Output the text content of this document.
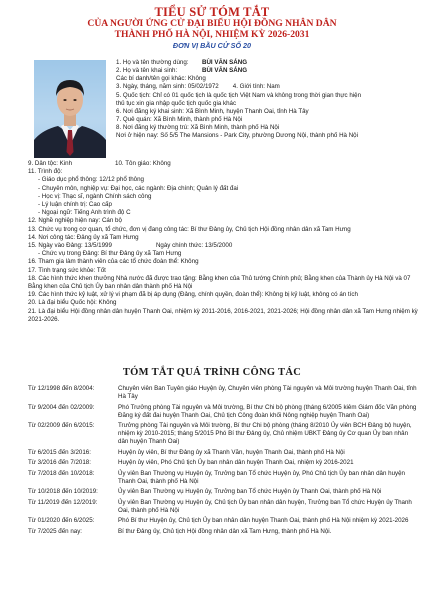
TIỂU SỬ TÓM TẮT
CỦA NGƯỜI ỨNG CỬ ĐẠI BIỂU HỘI ĐỒNG NHÂN DÂN
THÀNH PHỐ HÀ NỘI, NHIỆM KỲ 2026-2031
ĐƠN VỊ BẦU CỬ SỐ 20
1. Họ và tên thường dùng: BÙI VĂN SÁNG
2. Họ và tên khai sinh:	BÙI VĂN SÁNG
Các bí danh/tên gọi khác: Không
3. Ngày, tháng, năm sinh: 05/02/1972 4. Giới tính: Nam
5. Quốc tịch: Chỉ có 01 quốc tịch là quốc tịch Việt Nam và không trong thời gian thực hiện
thủ tục xin gia nhập quốc tịch quốc gia khác
6. Nơi đăng ký khai sinh: Xã Bình Minh, huyện Thanh Oai, tỉnh Hà Tây
7. Quê quán: Xã Bình Minh, thành phố Hà Nội
8. Nơi đăng ký thường trú: Xã Bình Minh, thành phố Hà Nội
Nơi ở hiện nay: Số 5/5 The Mansions - Park City, phường Dương Nội, thành phố Hà Nội
9. Dân tộc: Kinh	10. Tôn giáo: Không
11. Trình độ:
- Giáo dục phổ thông: 12/12 phổ thông
- Chuyên môn, nghiệp vụ: Đại học, các ngành: Địa chính; Quản lý đất đai
- Học vị: Thạc sĩ, ngành Chính sách công
- Lý luận chính trị: Cao cấp
- Ngoại ngữ: Tiếng Anh trình độ C
12. Nghề nghiệp hiện nay: Cán bộ
13. Chức vụ trong cơ quan, tổ chức, đơn vị đang công tác: Bí thư Đảng ủy, Chủ tịch Hội đồng nhân dân xã Tam Hưng
14. Nơi công tác: Đảng ủy xã Tam Hưng
15. Ngày vào Đảng: 13/5/1999	Ngày chính thức: 13/5/2000
- Chức vụ trong Đảng: Bí thư Đảng ủy xã Tam Hưng
16. Tham gia làm thành viên của các tổ chức đoàn thể: Không
17. Tình trạng sức khỏe: Tốt
18. Các hình thức khen thưởng Nhà nước đã được trao tặng: Bằng khen của Thủ tướng Chính phủ; Bằng khen của Thành ủy Hà Nội và 07 Bằng khen của Chủ tịch Ủy ban nhân dân thành phố Hà Nội
19. Các hình thức kỷ luật, xử lý vi phạm đã bị áp dụng (Đảng, chính quyền, đoàn thể): Không bị kỷ luật, không có án tích
20. Là đại biểu Quốc hội: Không
21. Là đại biểu Hội đồng nhân dân huyện Thanh Oai, nhiệm kỳ 2011-2016, 2016-2021, 2021-2026; Hội đồng nhân dân xã Tam Hưng nhiệm kỳ 2021-2026.
TÓM TẮT QUÁ TRÌNH CÔNG TÁC
Từ 12/1998 đến 8/2004:	Chuyên viên Ban Tuyên giáo Huyện ủy, Chuyên viên phòng Tài nguyên và Môi trường huyện Thanh Oai, tỉnh Hà Tây
Từ 9/2004 đến 02/2009:	Phó Trưởng phòng Tài nguyên và Môi trường, Bí thư Chi bộ phòng (tháng 6/2005 kiêm Giám đốc Văn phòng Đăng ký đất đai huyện Thanh Oai, Chủ tịch Công đoàn khối Nông nghiệp huyện Thanh Oai)
Từ 02/2009 đến 6/2015:	Trưởng phòng Tài nguyên và Môi trường, Bí thư Chi bộ phòng (tháng 8/2010 Ủy viên BCH Đảng bộ huyện, nhiệm kỳ 2010-2015; tháng 5/2015 Phó Bí thư Đảng ủy, Chủ nhiệm UBKT Đảng ủy Cơ quan Ủy ban nhân dân huyện Thanh Oai)
Từ 6/2015 đến 3/2016:	Huyện ủy viên, Bí thư Đảng ủy xã Thanh Văn, huyện Thanh Oai, thành phố Hà Nội
Từ 3/2016 đến 7/2018:	Huyện ủy viên, Phó Chủ tịch Ủy ban nhân dân huyện Thanh Oai, nhiệm kỳ 2016-2021
Từ 7/2018 đến 10/2018:	Ủy viên Ban Thường vụ Huyện ủy, Trưởng ban Tổ chức Huyện ủy, Phó Chủ tịch Ủy ban nhân dân huyện Thanh Oai, thành phố Hà Nội
Từ 10/2018 đến 10/2019:	Ủy viên Ban Thường vụ Huyện ủy, Trưởng ban Tổ chức Huyện ủy Thanh Oai, thành phố Hà Nội
Từ 11/2019 đến 12/2019:	Ủy viên Ban Thường vụ Huyện ủy, Chủ tịch Ủy ban nhân dân huyện, Trưởng ban Tổ chức Huyện ủy Thanh Oai, thành phố Hà Nội
Từ 01/2020 đến 6/2025:	Phó Bí thư Huyện ủy, Chủ tịch Ủy ban nhân dân huyện Thanh Oai, thành phố Hà Nội nhiệm kỳ 2021-2026
Từ 7/2025 đến nay:	Bí thư Đảng ủy, Chủ tịch Hội đồng nhân dân xã Tam Hưng, thành phố Hà Nội.
